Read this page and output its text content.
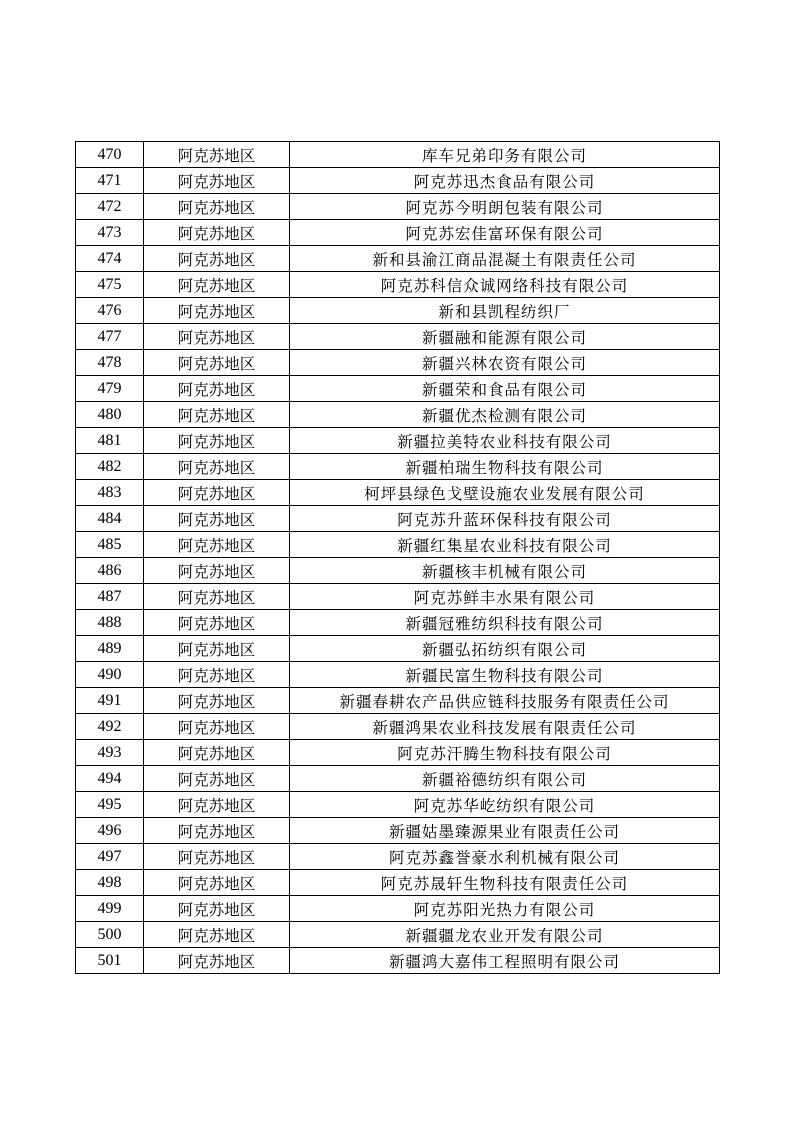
470	阿克苏地区	库车兄弟印务有限公司
471	阿克苏地区	阿克苏迅杰食品有限公司
472	阿克苏地区	阿克苏今明朗包装有限公司
473	阿克苏地区	阿克苏宏佳富环保有限公司
474	阿克苏地区	新和县渝江商品混凝土有限责任公司
475	阿克苏地区	阿克苏科信众诚网络科技有限公司
476	阿克苏地区	新和县凯程纺织厂
477	阿克苏地区	新疆融和能源有限公司
478	阿克苏地区	新疆兴林农资有限公司
479	阿克苏地区	新疆荣和食品有限公司
480	阿克苏地区	新疆优杰检测有限公司
481	阿克苏地区	新疆拉美特农业科技有限公司
482	阿克苏地区	新疆柏瑞生物科技有限公司
483	阿克苏地区	柯坪县绿色戈壁设施农业发展有限公司
484	阿克苏地区	阿克苏升蓝环保科技有限公司
485	阿克苏地区	新疆红集星农业科技有限公司
486	阿克苏地区	新疆核丰机械有限公司
487	阿克苏地区	阿克苏鲜丰水果有限公司
488	阿克苏地区	新疆冠雅纺织科技有限公司
489	阿克苏地区	新疆弘拓纺织有限公司
490	阿克苏地区	新疆民富生物科技有限公司
491	阿克苏地区	新疆春耕农产品供应链科技服务有限责任公司
492	阿克苏地区	新疆鸿果农业科技发展有限责任公司
493	阿克苏地区	阿克苏汗腾生物科技有限公司
494	阿克苏地区	新疆裕德纺织有限公司
495	阿克苏地区	阿克苏华屹纺织有限公司
496	阿克苏地区	新疆姑墨臻源果业有限责任公司
497	阿克苏地区	阿克苏鑫誉豪水利机械有限公司
498	阿克苏地区	阿克苏晟轩生物科技有限责任公司
499	阿克苏地区	阿克苏阳光热力有限公司
500	阿克苏地区	新疆疆龙农业开发有限公司
501	阿克苏地区	新疆鸿大嘉伟工程照明有限公司
